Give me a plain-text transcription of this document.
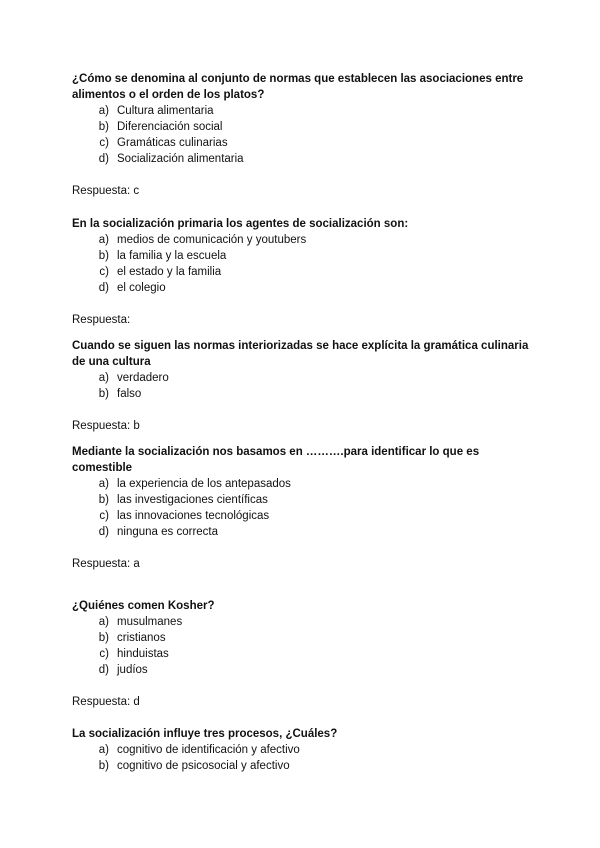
¿Cómo se denomina al conjunto de normas que establecen las asociaciones entre alimentos o el orden de los platos?
a) Cultura alimentaria
b) Diferenciación social
c) Gramáticas culinarias
d) Socialización alimentaria
Respuesta: c
En la socialización primaria los agentes de socialización son:
a) medios de comunicación y youtubers
b) la familia y la escuela
c) el estado y la familia
d) el colegio
Respuesta:
Cuando se siguen las normas interiorizadas se hace explícita la gramática culinaria de una cultura
a) verdadero
b) falso
Respuesta: b
Mediante la socialización nos basamos en ……….para identificar lo que es comestible
a) la experiencia de los antepasados
b) las investigaciones científicas
c) las innovaciones tecnológicas
d) ninguna es correcta
Respuesta: a
¿Quiénes comen Kosher?
a) musulmanes
b) cristianos
c) hinduistas
d) judíos
Respuesta: d
La socialización influye tres procesos, ¿Cuáles?
a) cognitivo de identificación y afectivo
b) cognitivo de psicosocial y afectivo
